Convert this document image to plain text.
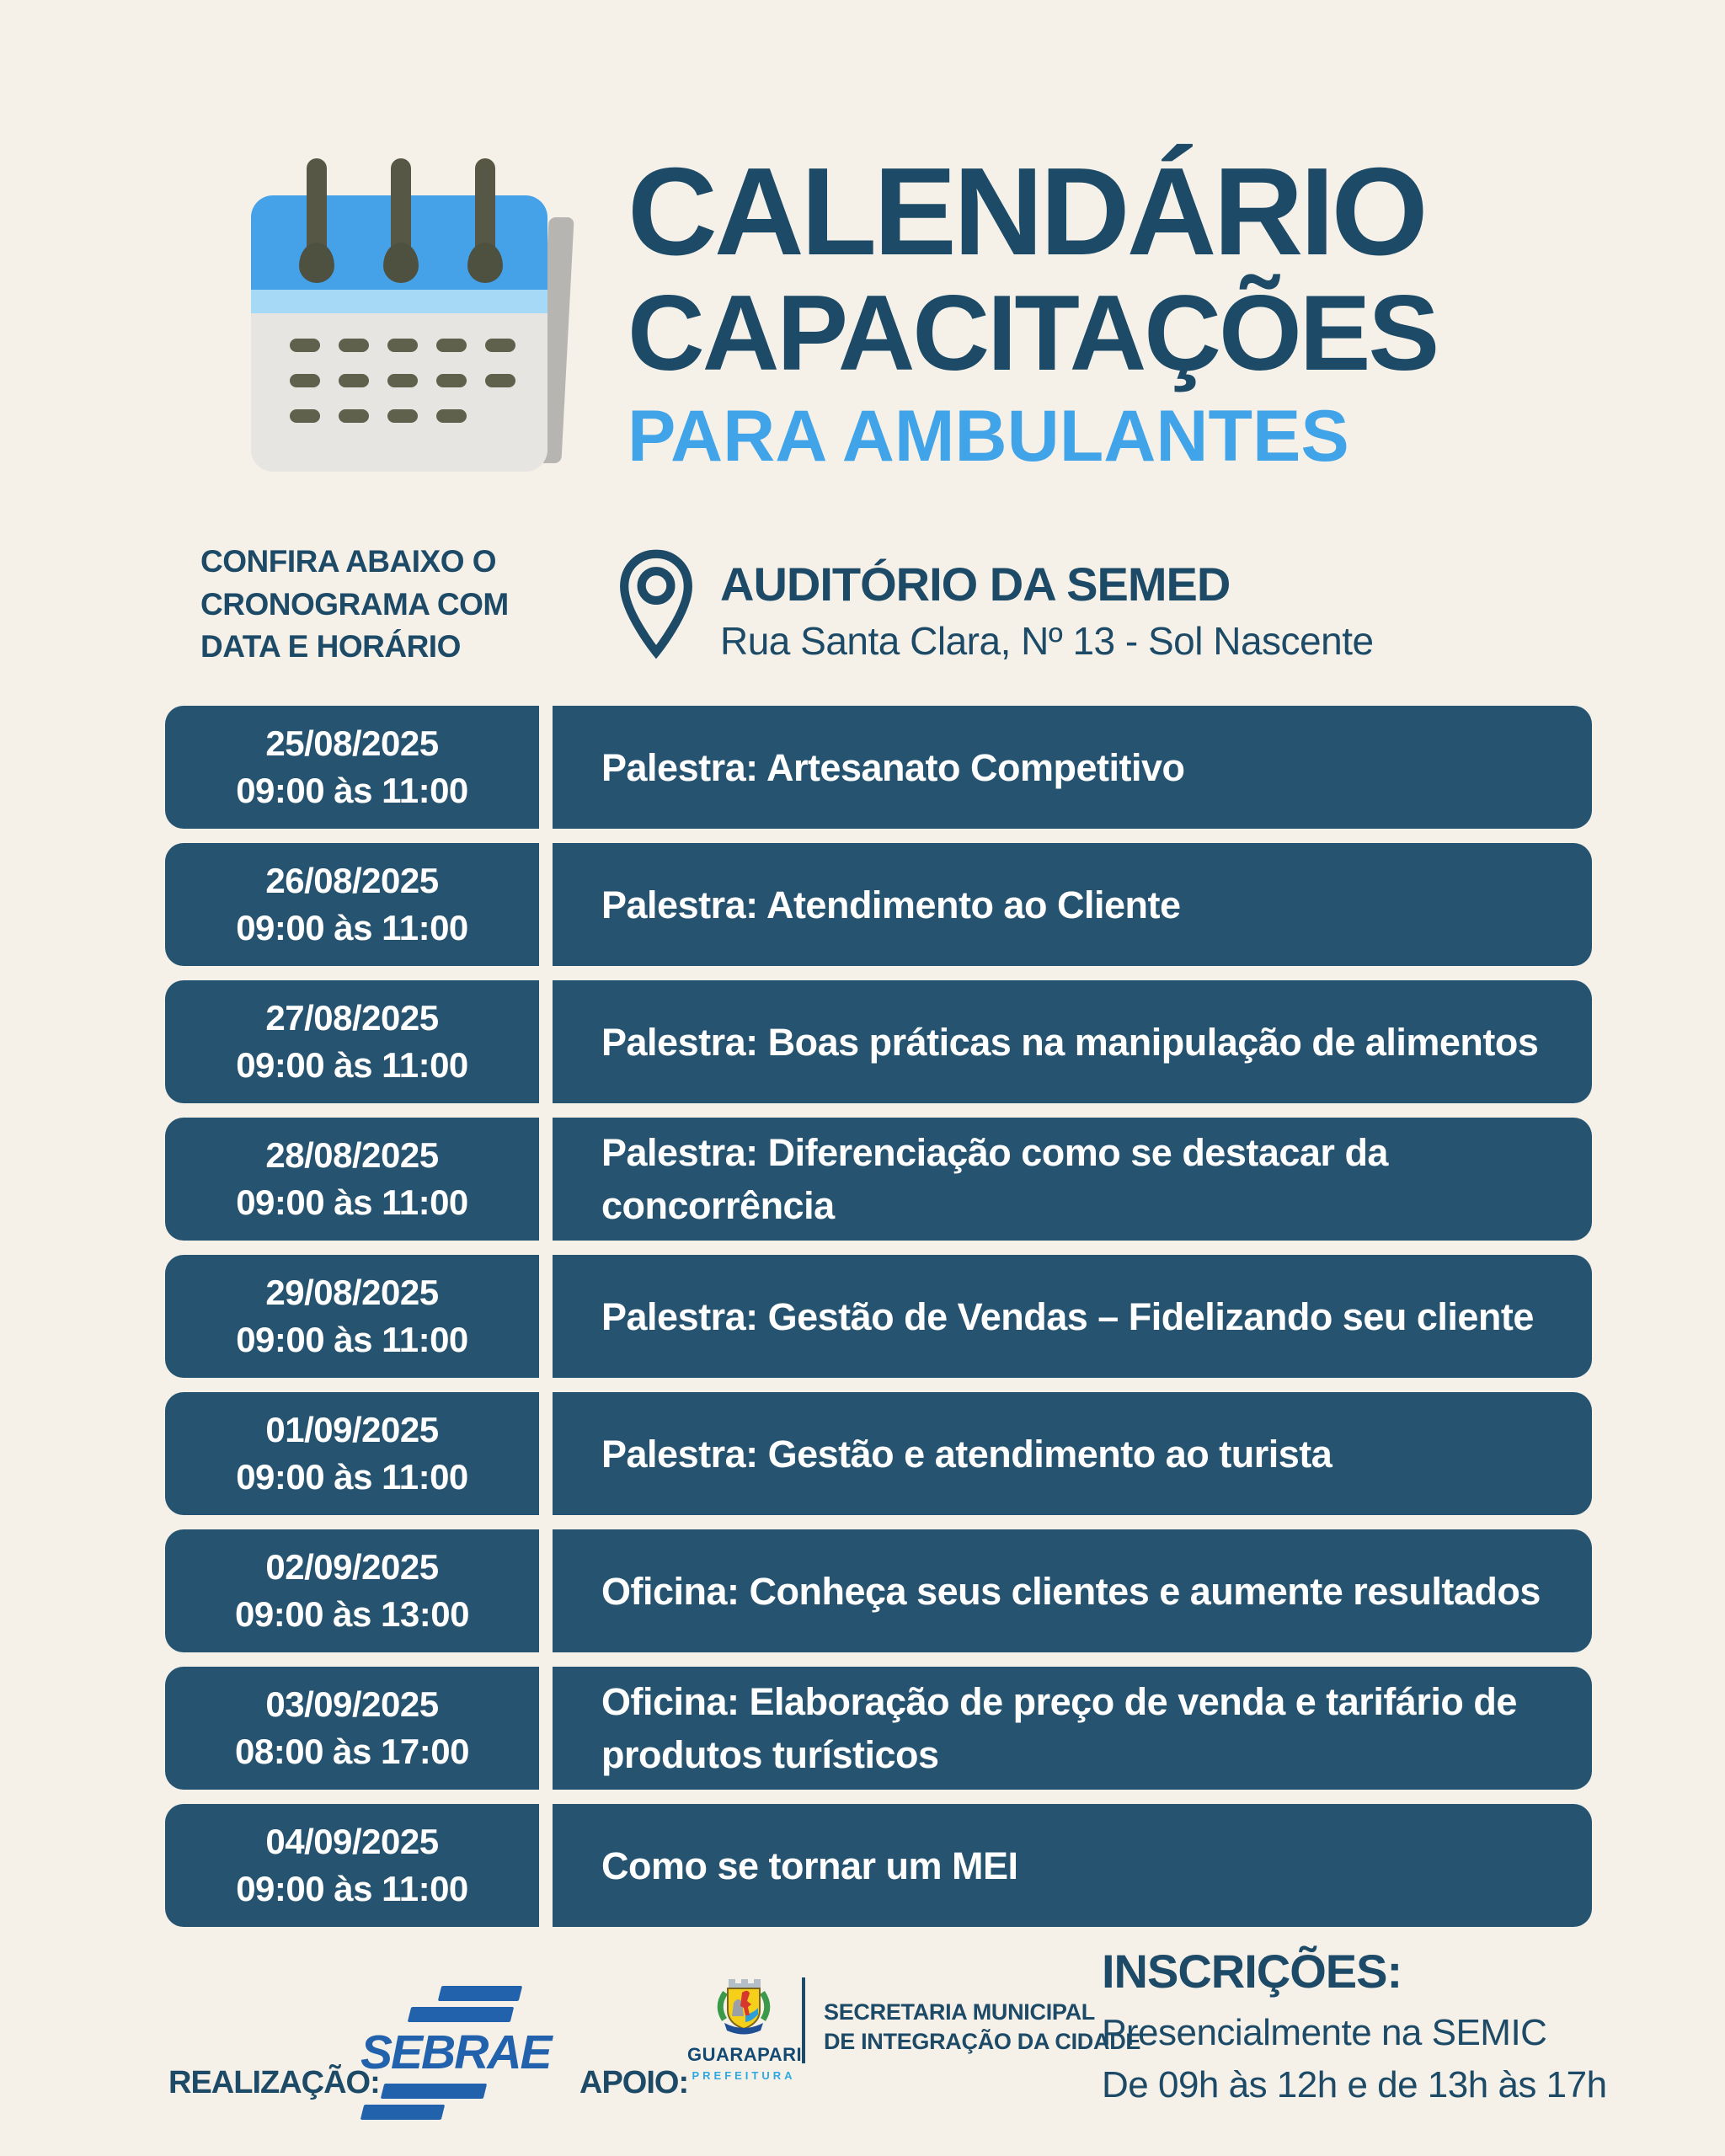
CALENDÁRIO
CAPACITAÇÕES
PARA AMBULANTES
CONFIRA ABAIXO O
CRONOGRAMA COM
DATA E HORÁRIO
AUDITÓRIO DA SEMED
Rua Santa Clara, Nº 13 - Sol Nascente
25/08/2025
09:00 às 11:00
Palestra: Artesanato Competitivo
26/08/2025
09:00 às 11:00
Palestra: Atendimento ao Cliente
27/08/2025
09:00 às 11:00
Palestra: Boas práticas na manipulação de alimentos
28/08/2025
09:00 às 11:00
Palestra: Diferenciação como se destacar da concorrência
29/08/2025
09:00 às 11:00
Palestra: Gestão de Vendas – Fidelizando seu cliente
01/09/2025
09:00 às 11:00
Palestra: Gestão e atendimento ao turista
02/09/2025
09:00 às 13:00
Oficina: Conheça seus clientes e aumente resultados
03/09/2025
08:00 às 17:00
Oficina: Elaboração de preço de venda e tarifário de produtos turísticos
04/09/2025
09:00 às 11:00
Como se tornar um MEI
REALIZAÇÃO:
SEBRAE
APOIO:
GUARAPARI
PREFEITURA
SECRETARIA MUNICIPAL
DE INTEGRAÇÃO DA CIDADE
INSCRIÇÕES:
Presencialmente na SEMIC
De 09h às 12h e de 13h às 17h
